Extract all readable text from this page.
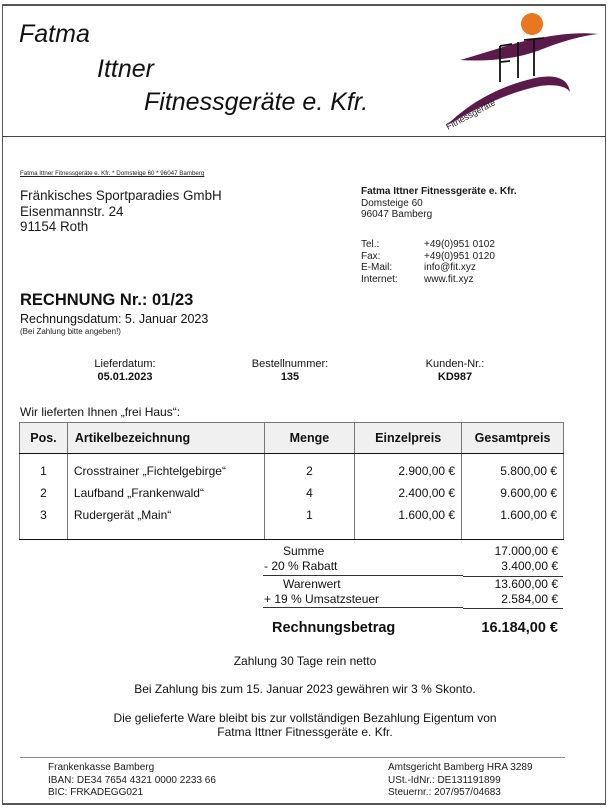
Fatma
Ittner
Fitnessgeräte e. Kfr.	Fitnessgeräte
Fatma Ittner Fitnessgeräte e. Kfr. * Domsteige 60 * 96047 Bamberg
Fränkisches Sportparadies GmbH
Eisenmannstr. 24
91154 Roth
Fatma Ittner Fitnessgeräte e. Kfr.
Domsteige 60
96047 Bamberg
Tel.:	+49(0)951 0102
Fax:	+49(0)951 0120
E-Mail:	info@fit.xyz
Internet:	www.fit.xyz
RECHNUNG Nr.: 01/23
Rechnungsdatum: 5. Januar 2023
(Bei Zahlung bitte angeben!)
Lieferdatum:
05.01.2023
Bestellnummer:
135
Kunden-Nr.:
KD987
Wir lieferten Ihnen „frei Haus“:
Pos.	Artikelbezeichnung	Menge	Einzelpreis	Gesamtpreis
1	Crosstrainer „Fichtelgebirge“	2	2.900,00 €	5.800,00 €
2	Laufband „Frankenwald“	4	2.400,00 €	9.600,00 €
3	Rudergerät „Main“	1	1.600,00 €	1.600,00 €

Summe	17.000,00 €
- 20 % Rabatt	3.400,00 €
Warenwert	13.600,00 €
+ 19 % Umsatzsteuer	2.584,00 €
Rechnungsbetrag	16.184,00 €
Zahlung 30 Tage rein netto
Bei Zahlung bis zum 15. Januar 2023 gewähren wir 3 % Skonto.
Die gelieferte Ware bleibt bis zur vollständigen Bezahlung Eigentum von
Fatma Ittner Fitnessgeräte e. Kfr.
Frankenkasse Bamberg
IBAN: DE34 7654 4321 0000 2233 66
BIC: FRKADEGG021
Amtsgericht Bamberg HRA 3289
USt.-IdNr.: DE131191899
Steuernr.: 207/957/04683
